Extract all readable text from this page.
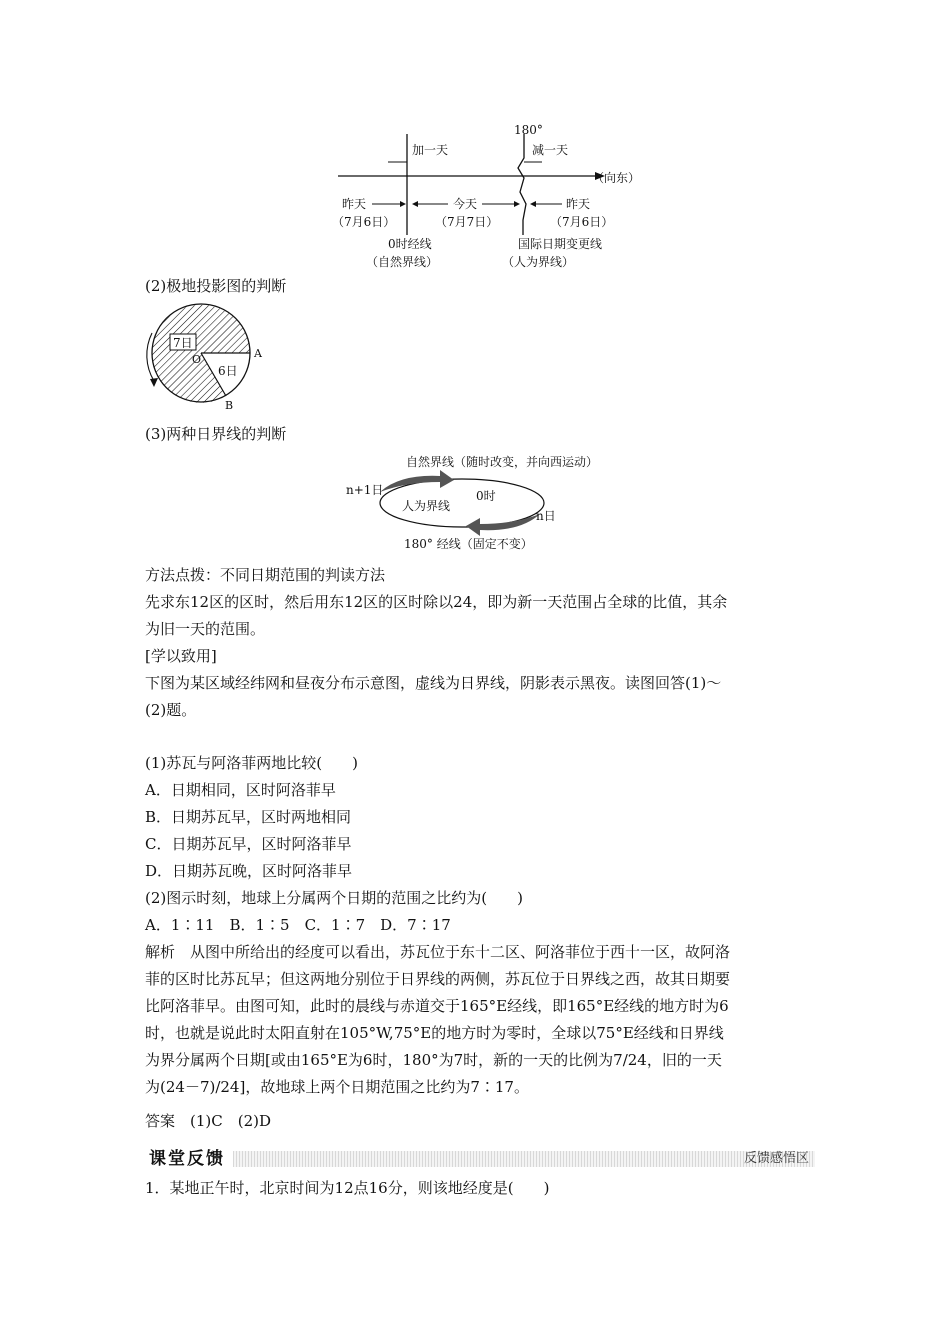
180°
加一天	减一天
（向东）
昨天
（7月6日）
今天
（7月7日）
昨天
（7月6日）
0时经线
（自然界线）
国际日期变更线
（人为界线）
(2)极地投影图的判断
7日
O
6日
A
B
(3)两种日界线的判断
自然界线（随时改变，并向西运动）
n+1日	0时
人为界线
n日
180° 经线（固定不变）
方法点拨：不同日期范围的判读方法
先求东12区的区时，然后用东12区的区时除以24，即为新一天范围占全球的比值，其余
为旧一天的范围。
[学以致用]
下图为某区域经纬网和昼夜分布示意图，虚线为日界线，阴影表示黑夜。读图回答(1)～
(2)题。
(1)苏瓦与阿洛菲两地比较(　　)
A．日期相同，区时阿洛菲早
B．日期苏瓦早，区时两地相同
C．日期苏瓦早，区时阿洛菲早
D．日期苏瓦晚，区时阿洛菲早
(2)图示时刻，地球上分属两个日期的范围之比约为(　　)
A．1∶11　B．1∶5　C．1∶7　D．7∶17
解析　从图中所给出的经度可以看出，苏瓦位于东十二区、阿洛菲位于西十一区，故阿洛
菲的区时比苏瓦早；但这两地分别位于日界线的两侧，苏瓦位于日界线之西，故其日期要
比阿洛菲早。由图可知，此时的晨线与赤道交于165°E经线，即165°E经线的地方时为6
时，也就是说此时太阳直射在105°W,75°E的地方时为零时，全球以75°E经线和日界线
为界分属两个日期[或由165°E为6时，180°为7时，新的一天的比例为7/24，旧的一天
为(24－7)/24]，故地球上两个日期范围之比约为7∶17。
答案　(1)C　(2)D
课堂反馈	反馈感悟区
1．某地正午时，北京时间为12点16分，则该地经度是(　　)
